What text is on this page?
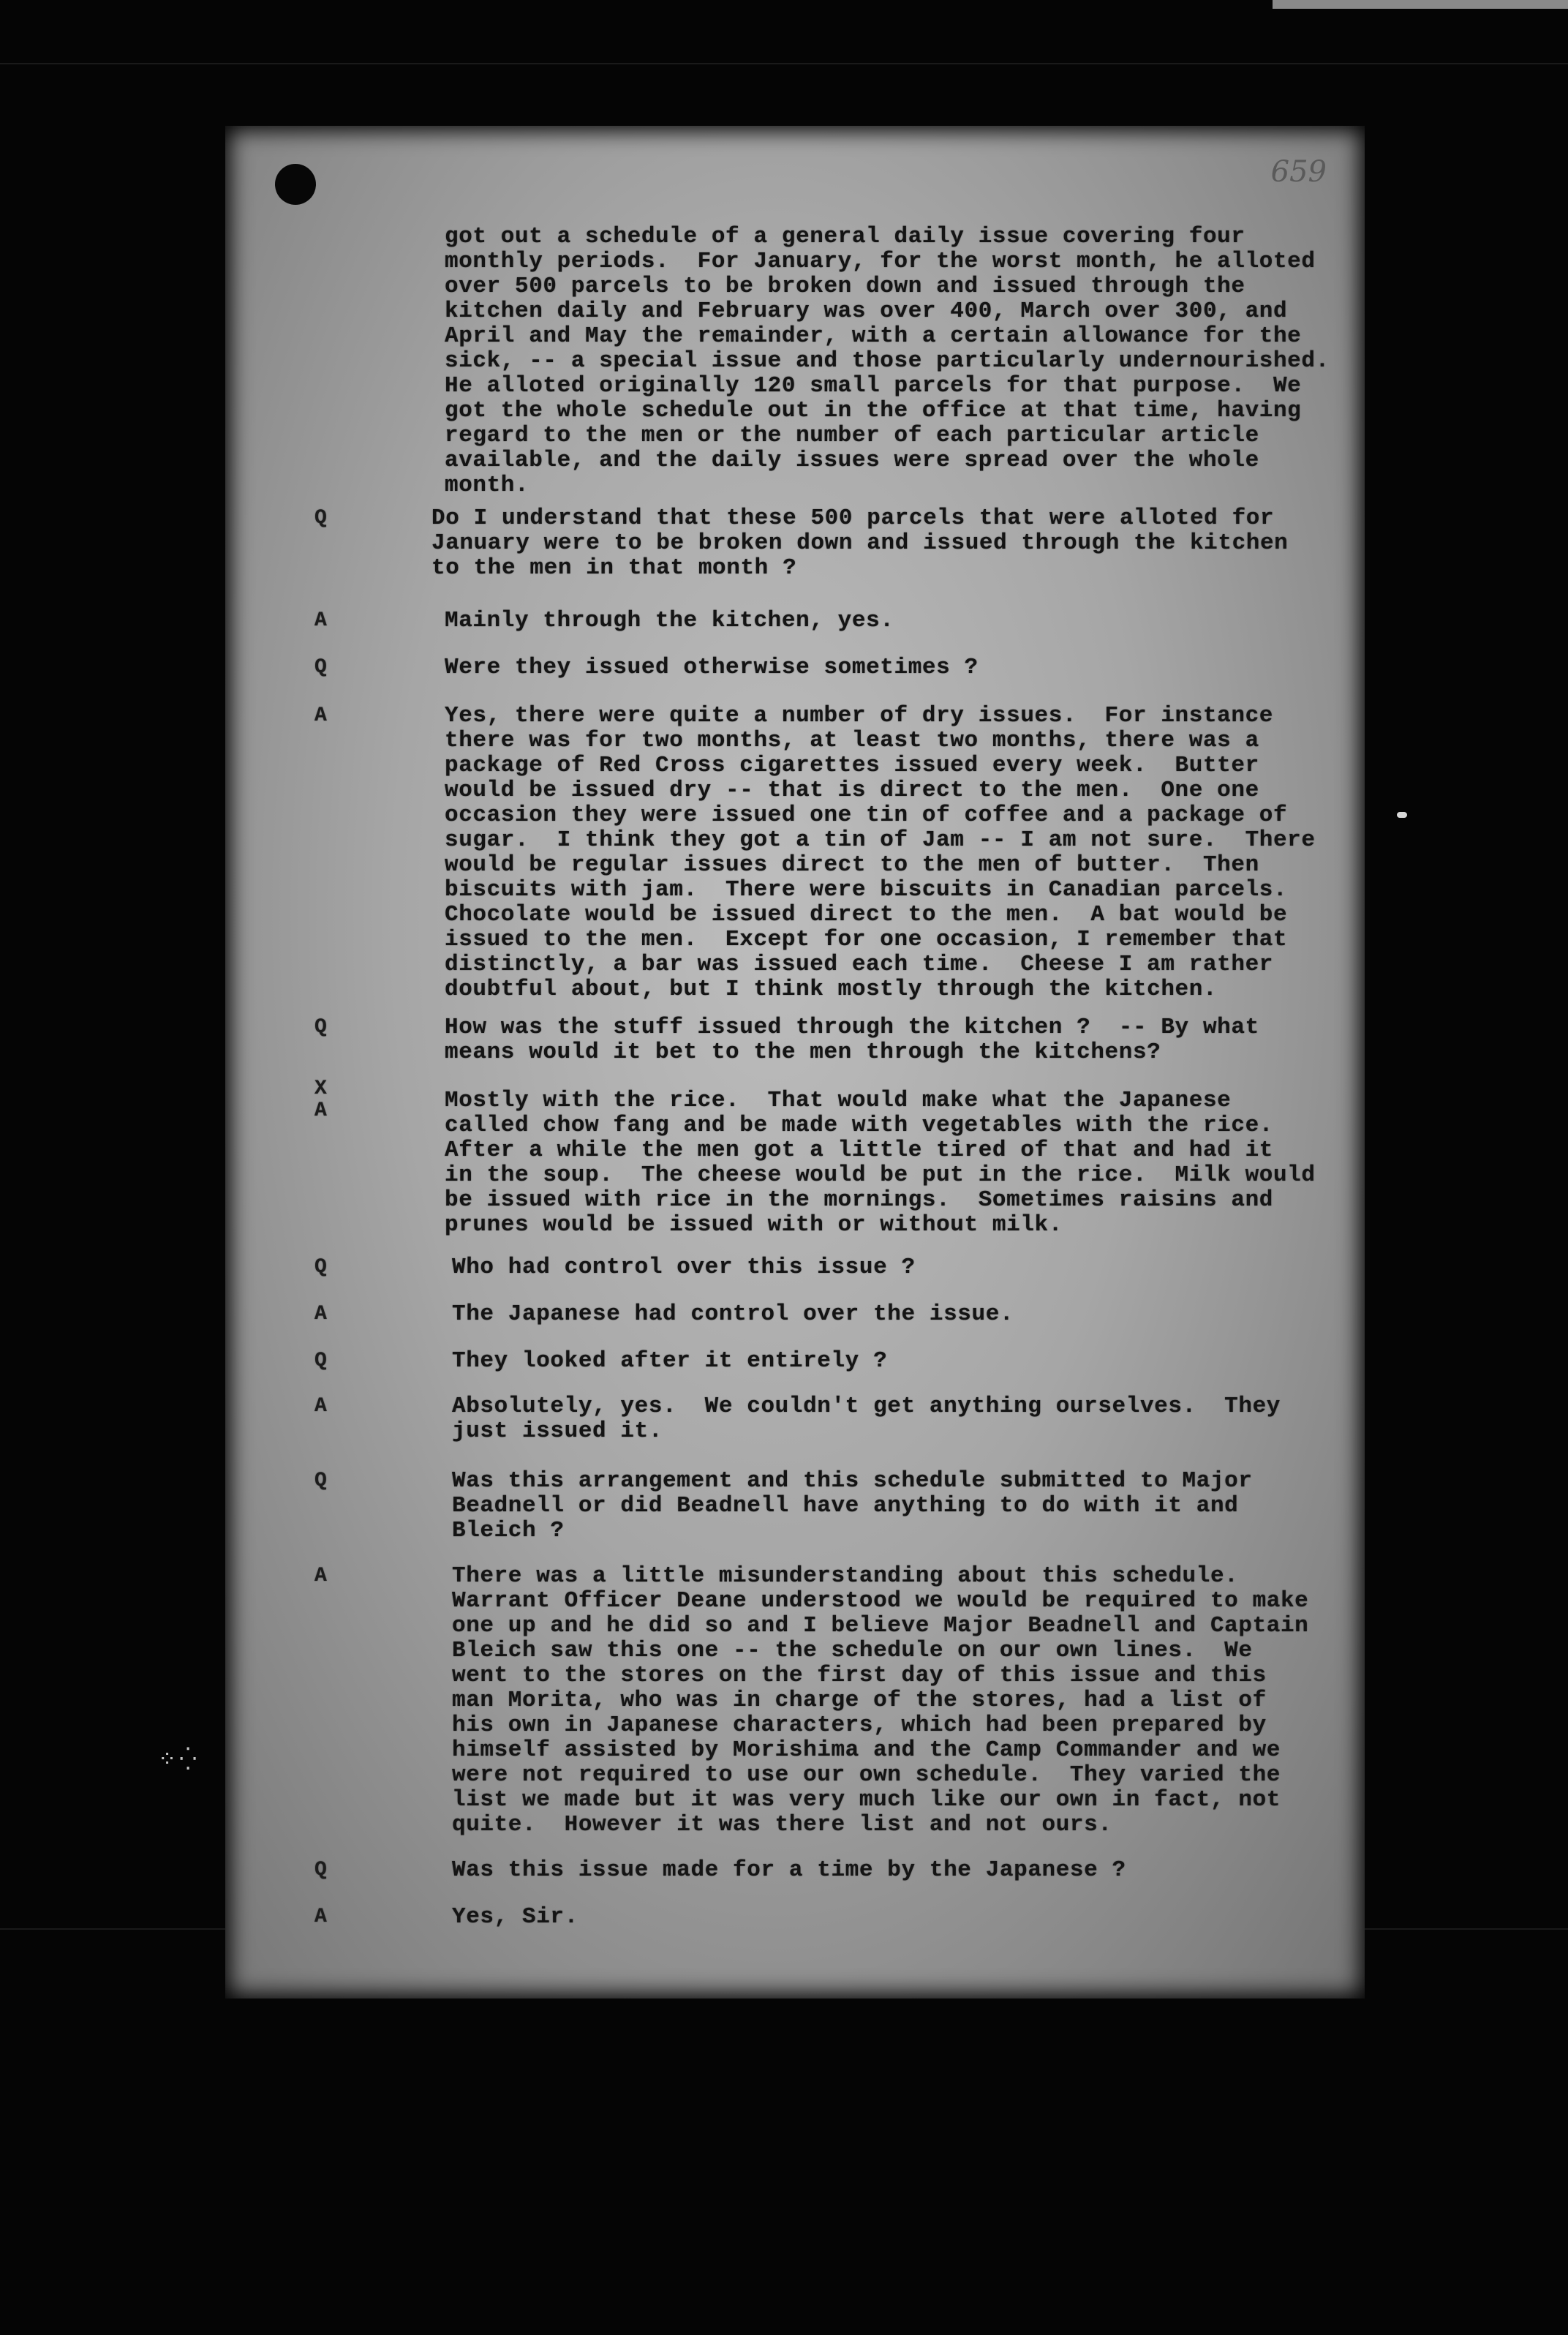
659
got out a schedule of a general daily issue covering four
monthly periods.  For January, for the worst month, he alloted
over 500 parcels to be broken down and issued through the
kitchen daily and February was over 400, March over 300, and
April and May the remainder, with a certain allowance for the
sick, -- a special issue and those particularly undernourished.
He alloted originally 120 small parcels for that purpose.  We
got the whole schedule out in the office at that time, having
regard to the men or the number of each particular article
available, and the daily issues were spread over the whole
month.
Q	Do I understand that these 500 parcels that were alloted for
January were to be broken down and issued through the kitchen
to the men in that month ?
A	Mainly through the kitchen, yes.
Q	Were they issued otherwise sometimes ?
A	Yes, there were quite a number of dry issues.  For instance
there was for two months, at least two months, there was a
package of Red Cross cigarettes issued every week.  Butter
would be issued dry -- that is direct to the men.  One one
occasion they were issued one tin of coffee and a package of
sugar.  I think they got a tin of Jam -- I am not sure.  There
would be regular issues direct to the men of butter.  Then
biscuits with jam.  There were biscuits in Canadian parcels.
Chocolate would be issued direct to the men.  A bat would be
issued to the men.  Except for one occasion, I remember that
distinctly, a bar was issued each time.  Cheese I am rather
doubtful about, but I think mostly through the kitchen.
Q	How was the stuff issued through the kitchen ?  -- By what
means would it bet to the men through the kitchens?
X
A	Mostly with the rice.  That would make what the Japanese
called chow fang and be made with vegetables with the rice.
After a while the men got a little tired of that and had it
in the soup.  The cheese would be put in the rice.  Milk would
be issued with rice in the mornings.  Sometimes raisins and
prunes would be issued with or without milk.
Q	Who had control over this issue ?
A	The Japanese had control over the issue.
Q	They looked after it entirely ?
A	Absolutely, yes.  We couldn't get anything ourselves.  They
just issued it.
Q	Was this arrangement and this schedule submitted to Major
Beadnell or did Beadnell have anything to do with it and
Bleich ?
A	There was a little misunderstanding about this schedule.
Warrant Officer Deane understood we would be required to make
one up and he did so and I believe Major Beadnell and Captain
Bleich saw this one -- the schedule on our own lines.  We
went to the stores on the first day of this issue and this
man Morita, who was in charge of the stores, had a list of
his own in Japanese characters, which had been prepared by
himself assisted by Morishima and the Camp Commander and we
were not required to use our own schedule.  They varied the
list we made but it was very much like our own in fact, not
quite.  However it was there list and not ours.
Q	Was this issue made for a time by the Japanese ?
A	Yes, Sir.
⁘⁛
